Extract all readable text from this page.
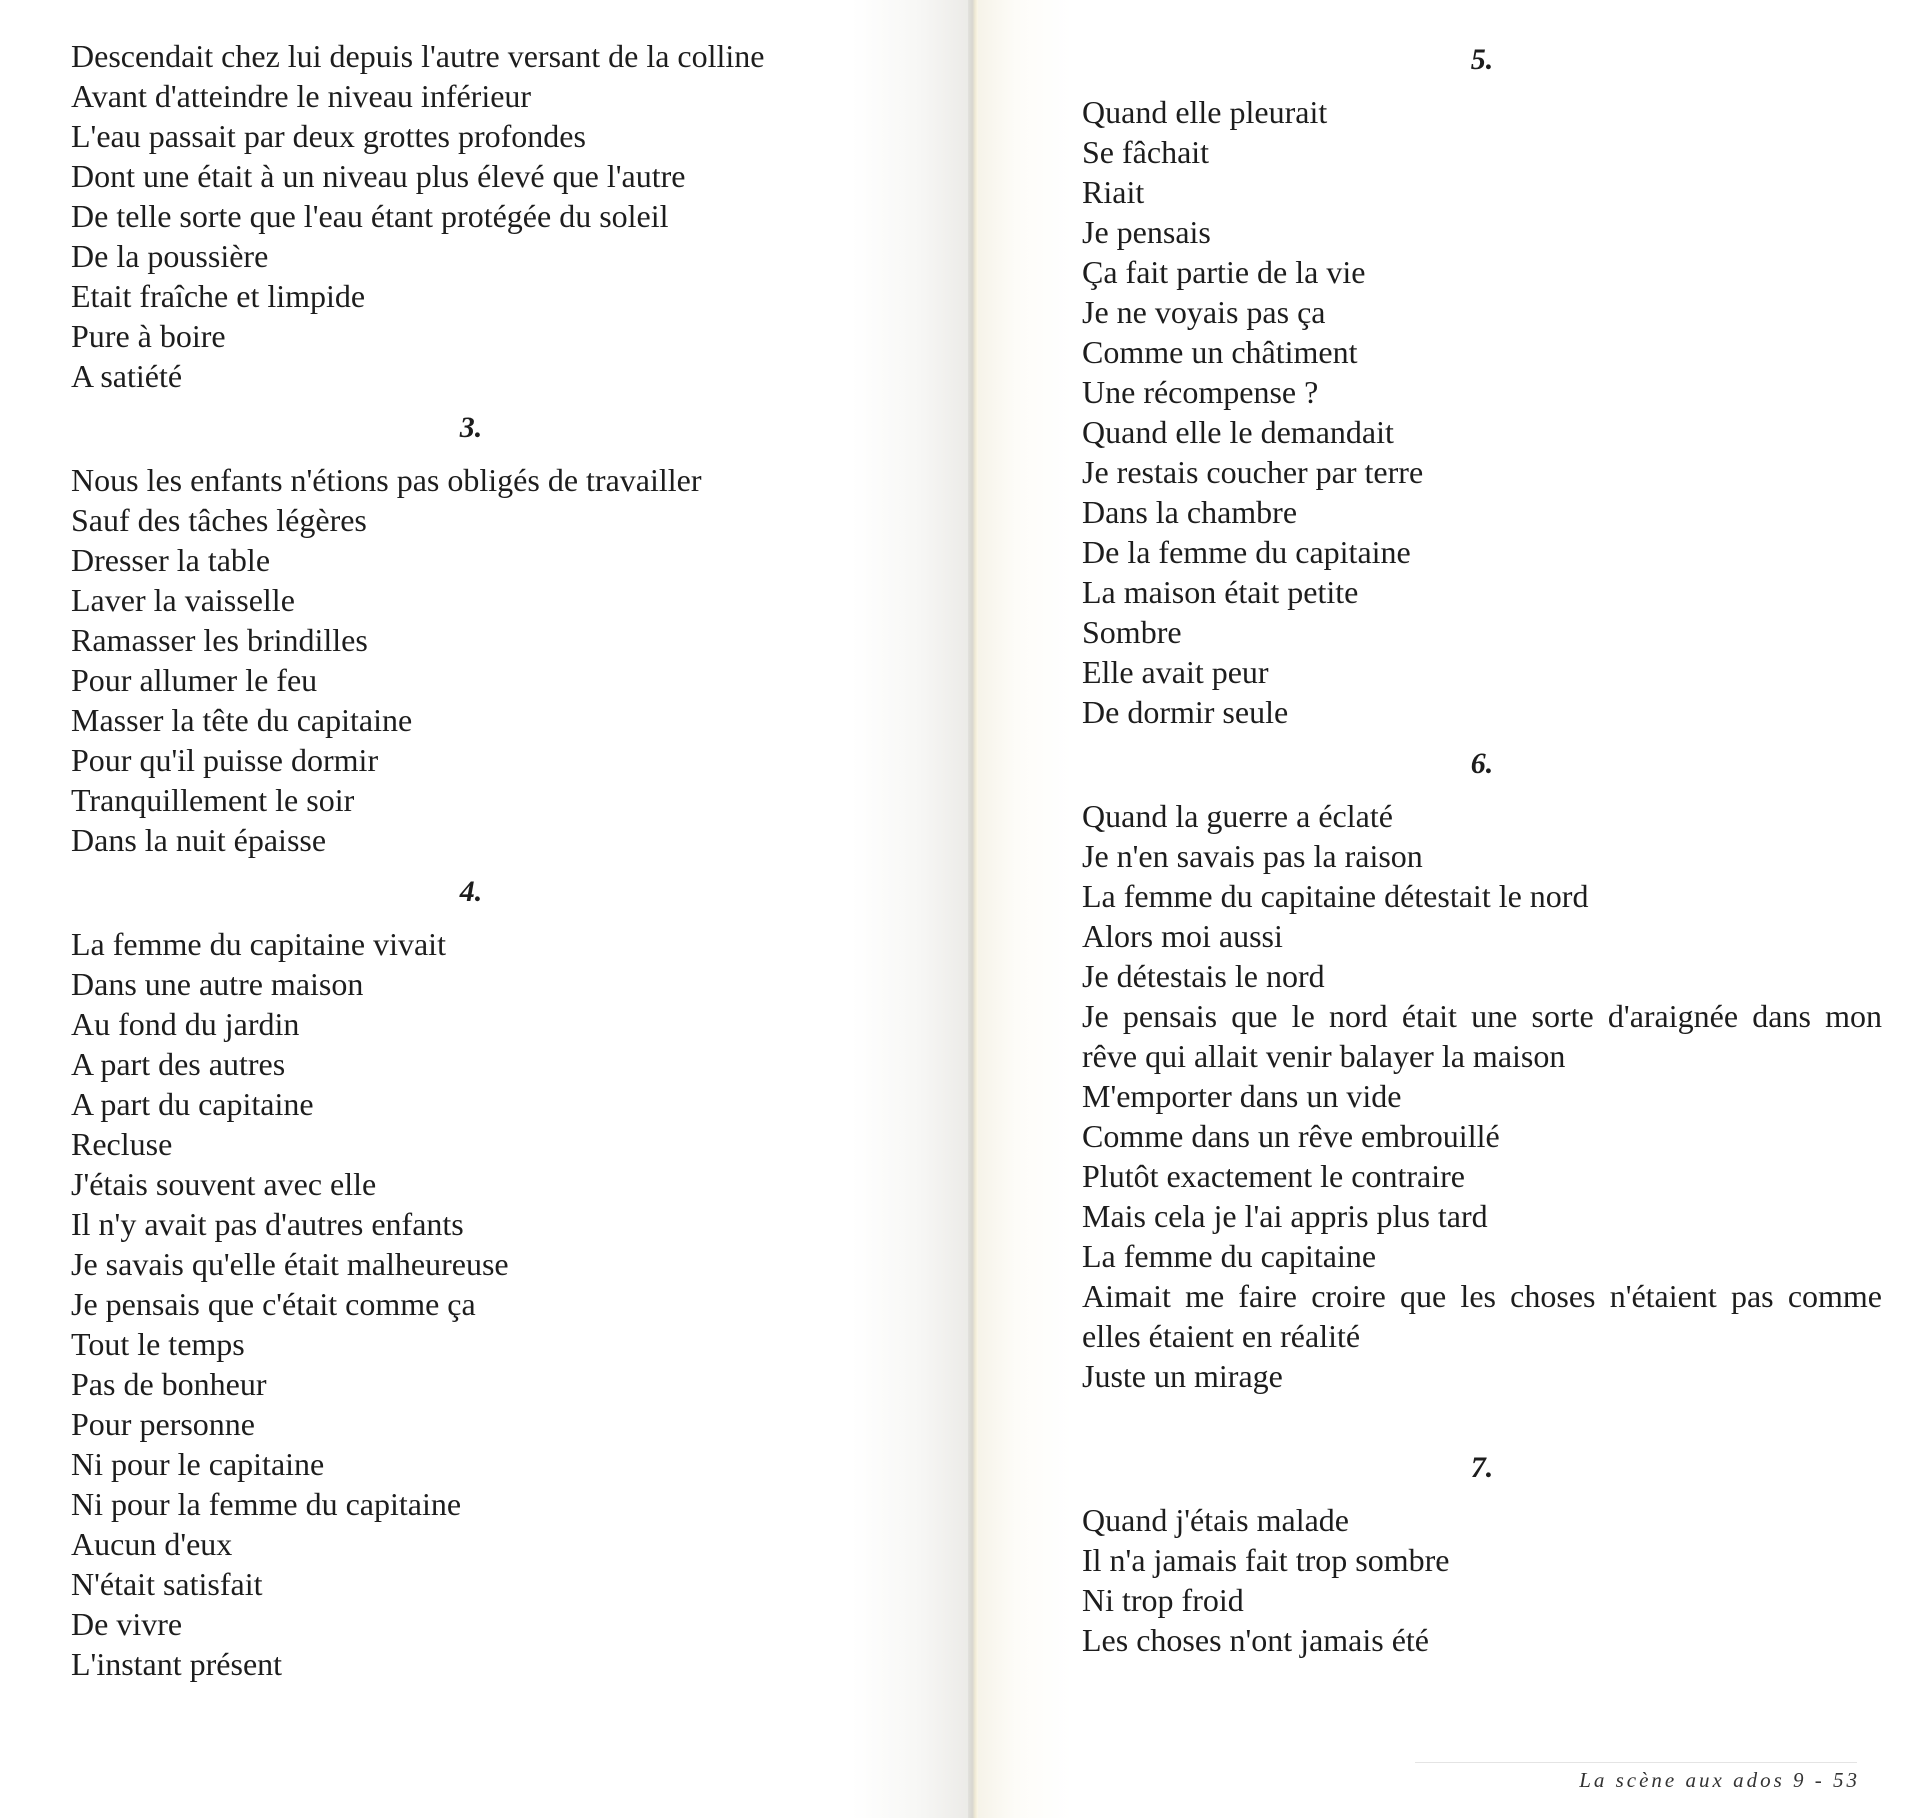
Descendait chez lui depuis l'autre versant de la colline
Avant d'atteindre le niveau inférieur
L'eau passait par deux grottes profondes
Dont une était à un niveau plus élevé que l'autre
De telle sorte que l'eau étant protégée du soleil
De la poussière
Etait fraîche et limpide
Pure à boire
A satiété
3.
Nous les enfants n'étions pas obligés de travailler
Sauf des tâches légères
Dresser la table
Laver la vaisselle
Ramasser les brindilles
Pour allumer le feu
Masser la tête du capitaine
Pour qu'il puisse dormir
Tranquillement le soir
Dans la nuit épaisse
4.
La femme du capitaine vivait
Dans une autre maison
Au fond du jardin
A part des autres
A part du capitaine
Recluse
J'étais souvent avec elle
Il n'y avait pas d'autres enfants
Je savais qu'elle était malheureuse
Je pensais que c'était comme ça
Tout le temps
Pas de bonheur
Pour personne
Ni pour le capitaine
Ni pour la femme du capitaine
Aucun d'eux
N'était satisfait
De vivre
L'instant présent
5.
Quand elle pleurait
Se fâchait
Riait
Je pensais
Ça fait partie de la vie
Je ne voyais pas ça
Comme un châtiment
Une récompense ?
Quand elle le demandait
Je restais coucher par terre
Dans la chambre
De la femme du capitaine
La maison était petite
Sombre
Elle avait peur
De dormir seule
6.
Quand la guerre a éclaté
Je n'en savais pas la raison
La femme du capitaine détestait le nord
Alors moi aussi
Je détestais le nord
Je pensais que le nord était une sorte d'araignée dans mon rêve qui allait venir balayer la maison
M'emporter dans un vide
Comme dans un rêve embrouillé
Plutôt exactement le contraire
Mais cela je l'ai appris plus tard
La femme du capitaine
Aimait me faire croire que les choses n'étaient pas comme elles étaient en réalité
Juste un mirage
7.
Quand j'étais malade
Il n'a jamais fait trop sombre
Ni trop froid
Les choses n'ont jamais été
La scène aux ados 9 - 53
